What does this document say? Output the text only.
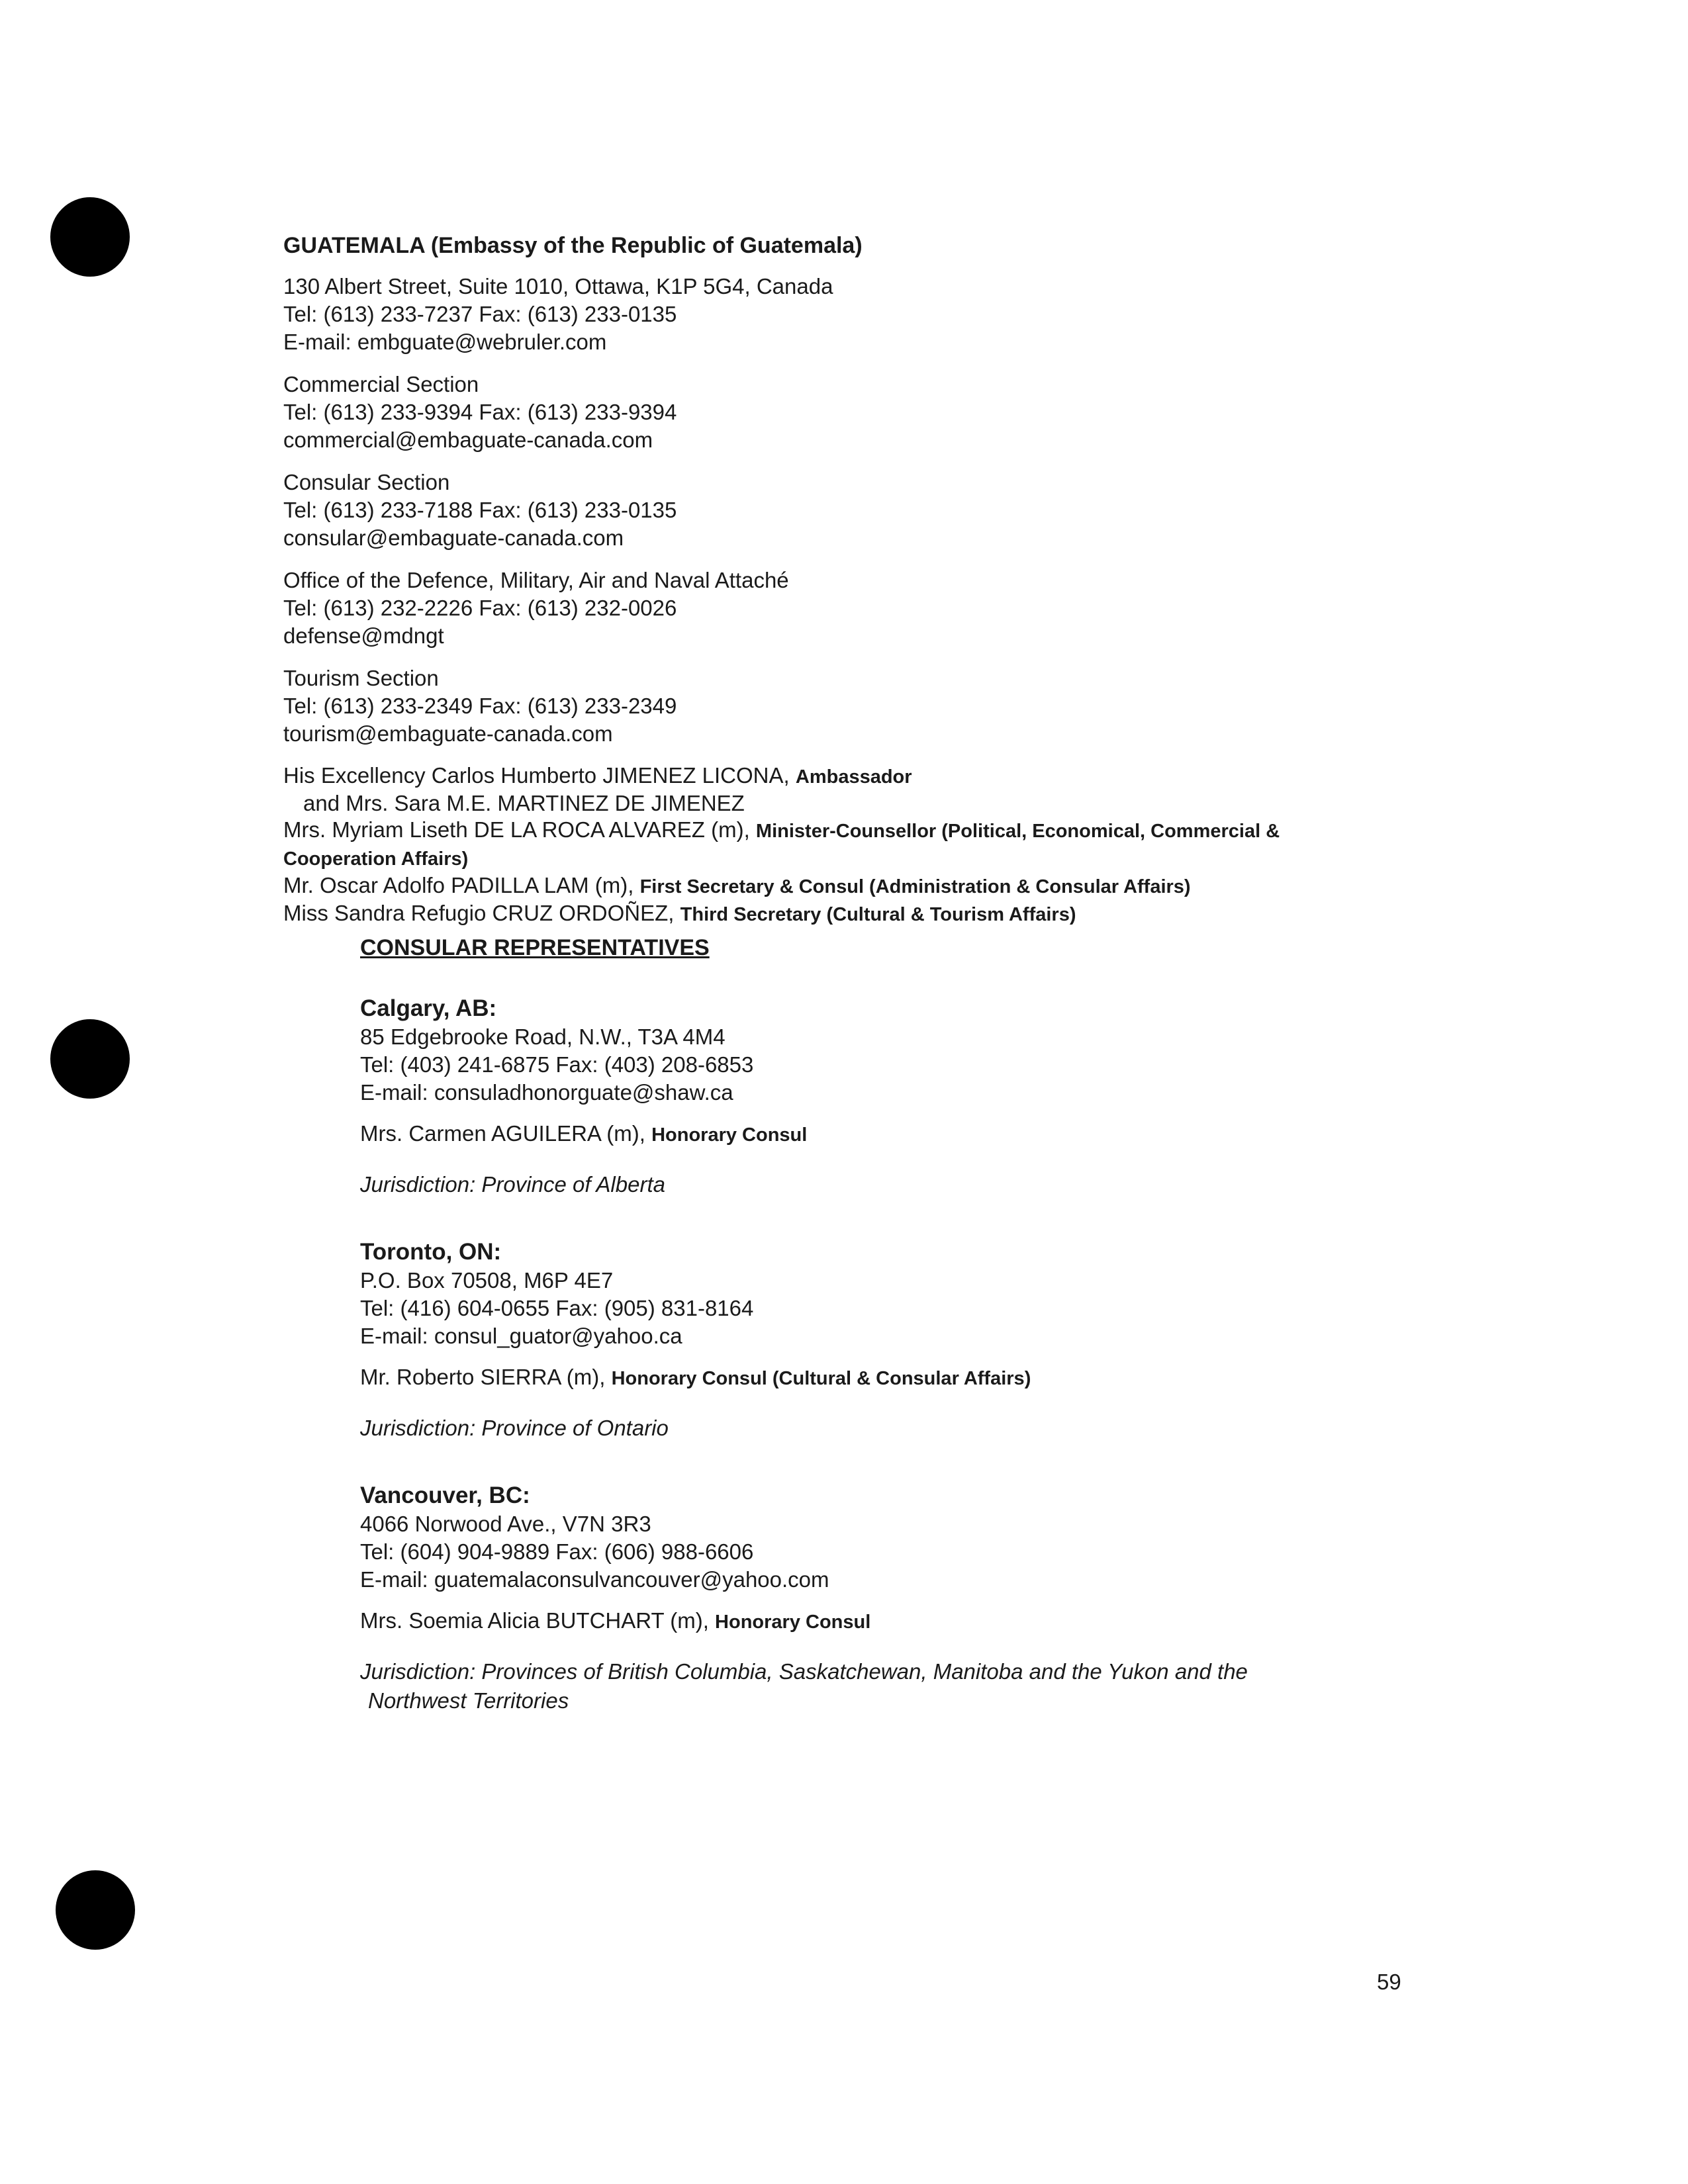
GUATEMALA (Embassy of the Republic of Guatemala)
130 Albert Street, Suite 1010, Ottawa, K1P 5G4, Canada
Tel: (613) 233-7237 Fax: (613) 233-0135
E-mail: embguate@webruler.com
Commercial Section
Tel: (613) 233-9394 Fax: (613) 233-9394
commercial@embaguate-canada.com
Consular Section
Tel: (613) 233-7188 Fax: (613) 233-0135
consular@embaguate-canada.com
Office of the Defence, Military, Air and Naval Attaché
Tel: (613) 232-2226 Fax: (613) 232-0026
defense@mdngt
Tourism Section
Tel: (613) 233-2349 Fax: (613) 233-2349
tourism@embaguate-canada.com
His Excellency Carlos Humberto JIMENEZ LICONA, Ambassador
and Mrs. Sara M.E. MARTINEZ DE JIMENEZ
Mrs. Myriam Liseth DE LA ROCA ALVAREZ (m), Minister-Counsellor (Political, Economical, Commercial &
Cooperation Affairs)
Mr. Oscar Adolfo PADILLA LAM (m), First Secretary & Consul (Administration & Consular Affairs)
Miss Sandra Refugio CRUZ ORDOÑEZ, Third Secretary (Cultural & Tourism Affairs)
CONSULAR REPRESENTATIVES
Calgary, AB:
85 Edgebrooke Road, N.W., T3A 4M4
Tel: (403) 241-6875 Fax: (403) 208-6853
E-mail: consuladhonorguate@shaw.ca
Mrs. Carmen AGUILERA (m), Honorary Consul
Jurisdiction: Province of Alberta
Toronto, ON:
P.O. Box 70508, M6P 4E7
Tel: (416) 604-0655 Fax: (905) 831-8164
E-mail: consul_guator@yahoo.ca
Mr. Roberto SIERRA (m), Honorary Consul (Cultural & Consular Affairs)
Jurisdiction: Province of Ontario
Vancouver, BC:
4066 Norwood Ave., V7N 3R3
Tel: (604) 904-9889 Fax: (606) 988-6606
E-mail: guatemalaconsulvancouver@yahoo.com
Mrs. Soemia Alicia BUTCHART (m), Honorary Consul
Jurisdiction: Provinces of British Columbia, Saskatchewan, Manitoba and the Yukon and the
Northwest Territories
59
